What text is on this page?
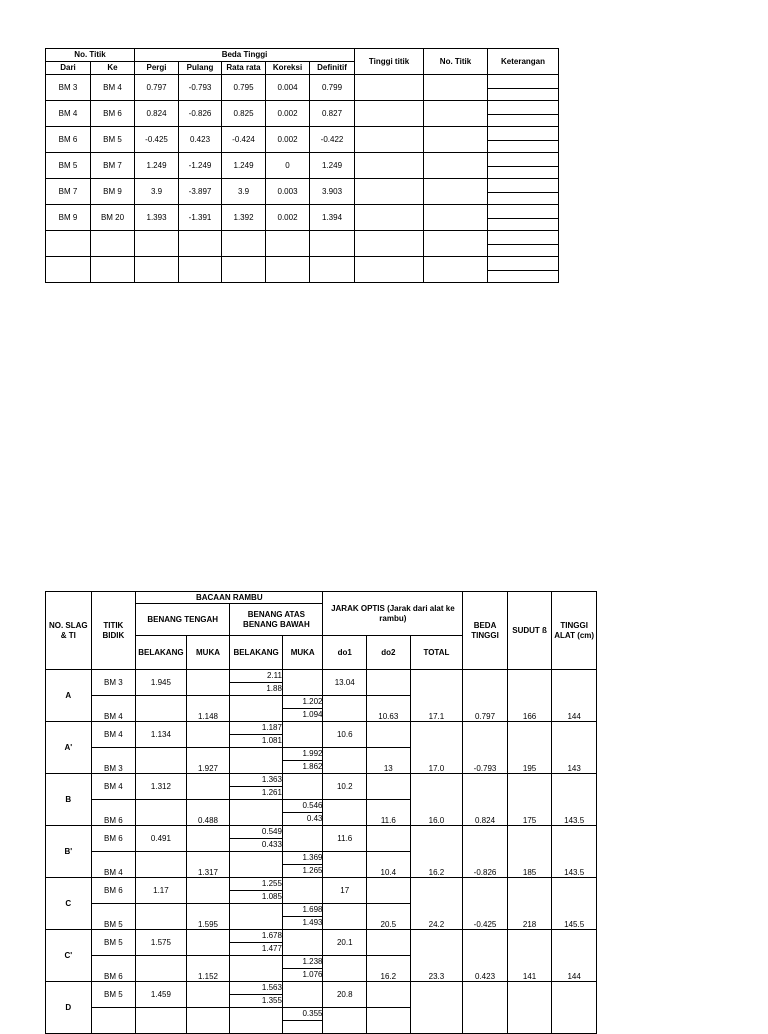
No. Titik		Beda Tinggi					Tinggi titik	No. Titik	Keterangan
Dari	Ke	Pergi	Pulang	Rata rata	Koreksi	Definitif			
BM 3	BM 4	0.797	-0.793	0.795	0.004	0.799			

BM 4	BM 6	0.824	-0.826	0.825	0.002	0.827			

BM 6	BM 5	-0.425	0.423	-0.424	0.002	-0.422			

BM 5	BM 7	1.249	-1.249	1.249	0	1.249			

BM 7	BM 9	3.9	-3.897	3.9	0.003	3.903			

BM 9	BM 20	1.393	-1.391	1.392	0.002	1.394			

NO. SLAG & TI	TITIK BIDIK	BACAAN RAMBU				JARAK OPTIS (Jarak dari alat ke rambu)			BEDA TINGGI	SUDUT ß	TINGGI ALAT (cm)
		BENANG TENGAH		BENANG ATAS BENANG BAWAH							
		BELAKANG	MUKA	BELAKANG	MUKA	do1	do2	TOTAL			
A	BM 3	1.945		2.11		13.04		17.1	0.797	166	144
				1.88							
	BM 4		1.148		1.202		10.63				
					1.094						
A'	BM 4	1.134		1.187		10.6		17.0	-0.793	195	143
				1.081							
	BM 3		1.927		1.992		13				
					1.862						
B	BM 4	1.312		1.363		10.2		16.0	0.824	175	143.5
				1.261							
	BM 6		0.488		0.546		11.6				
					0.43						
B'	BM 6	0.491		0.549		11.6		16.2	-0.826	185	143.5
				0.433							
	BM 4		1.317		1.369		10.4				
					1.265						
C	BM 6	1.17		1.255		17		24.2	-0.425	218	145.5
				1.085							
	BM 5		1.595		1.698		20.5				
					1.493						
C'	BM 5	1.575		1.678		20.1		23.3	0.423	141	144
				1.477							
	BM 6		1.152		1.238		16.2				
					1.076						
D	BM 5	1.459		1.563		20.8					
				1.355							
					0.355						
